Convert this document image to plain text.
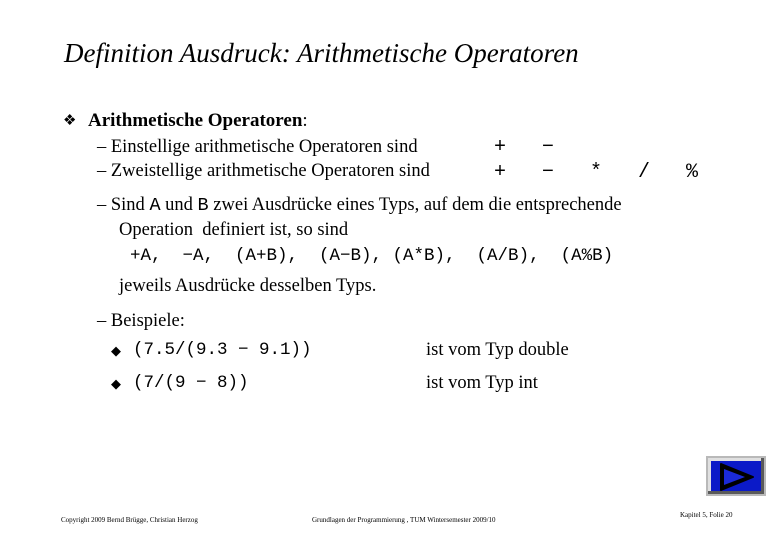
Definition Ausdruck: Arithmetische Operatoren
❖ Arithmetische Operatoren:
– Einstellige arithmetische Operatoren sind	+   −
– Zweistellige arithmetische Operatoren sind	+   −   *   /   %
– Sind A und B zwei Ausdrücke eines Typs, auf dem die entsprechende
Operation  definiert ist, so sind
+A,  −A,  (A+B),  (A−B), (A*B),  (A/B),  (A%B)
jeweils Ausdrücke desselben Typs.
– Beispiele:
◆ (7.5/(9.3 − 9.1))	ist vom Typ double
◆ (7/(9 − 8))	ist vom Typ int
Copyright 2009 Bernd Brügge, Christian Herzog	Grundlagen der Programmierung , TUM Wintersemester 2009/10
Kapitel 5, Folie 20
